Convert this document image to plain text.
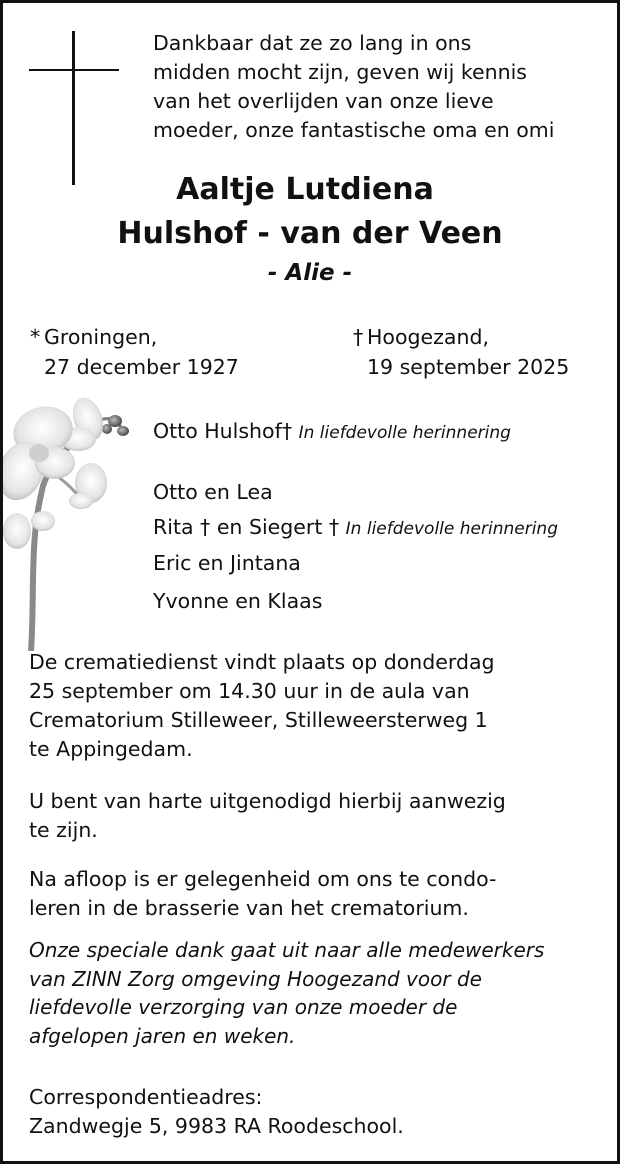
Dankbaar dat ze zo lang in ons
midden mocht zijn, geven wij kennis
van het overlijden van onze lieve
moeder, onze fantastische oma en omi
Aaltje Lutdiena
Hulshof - van der Veen
- Alie -
* Groningen,
27 december 1927
† Hoogezand,
19 september 2025
Otto Hulshof† In liefdevolle herinnering
Otto en Lea
Rita † en Siegert † In liefdevolle herinnering
Eric en Jintana
Yvonne en Klaas
De crematiedienst vindt plaats op donderdag
25 september om 14.30 uur in de aula van
Crematorium Stilleweer, Stilleweersterweg 1
te Appingedam.
U bent van harte uitgenodigd hierbij aanwezig
te zijn.
Na afloop is er gelegenheid om ons te condo-
leren in de brasserie van het crematorium.
Onze speciale dank gaat uit naar alle medewerkers
van ZINN Zorg omgeving Hoogezand voor de
liefdevolle verzorging van onze moeder de
afgelopen jaren en weken.
Correspondentieadres:
Zandwegje 5, 9983 RA Roodeschool.
